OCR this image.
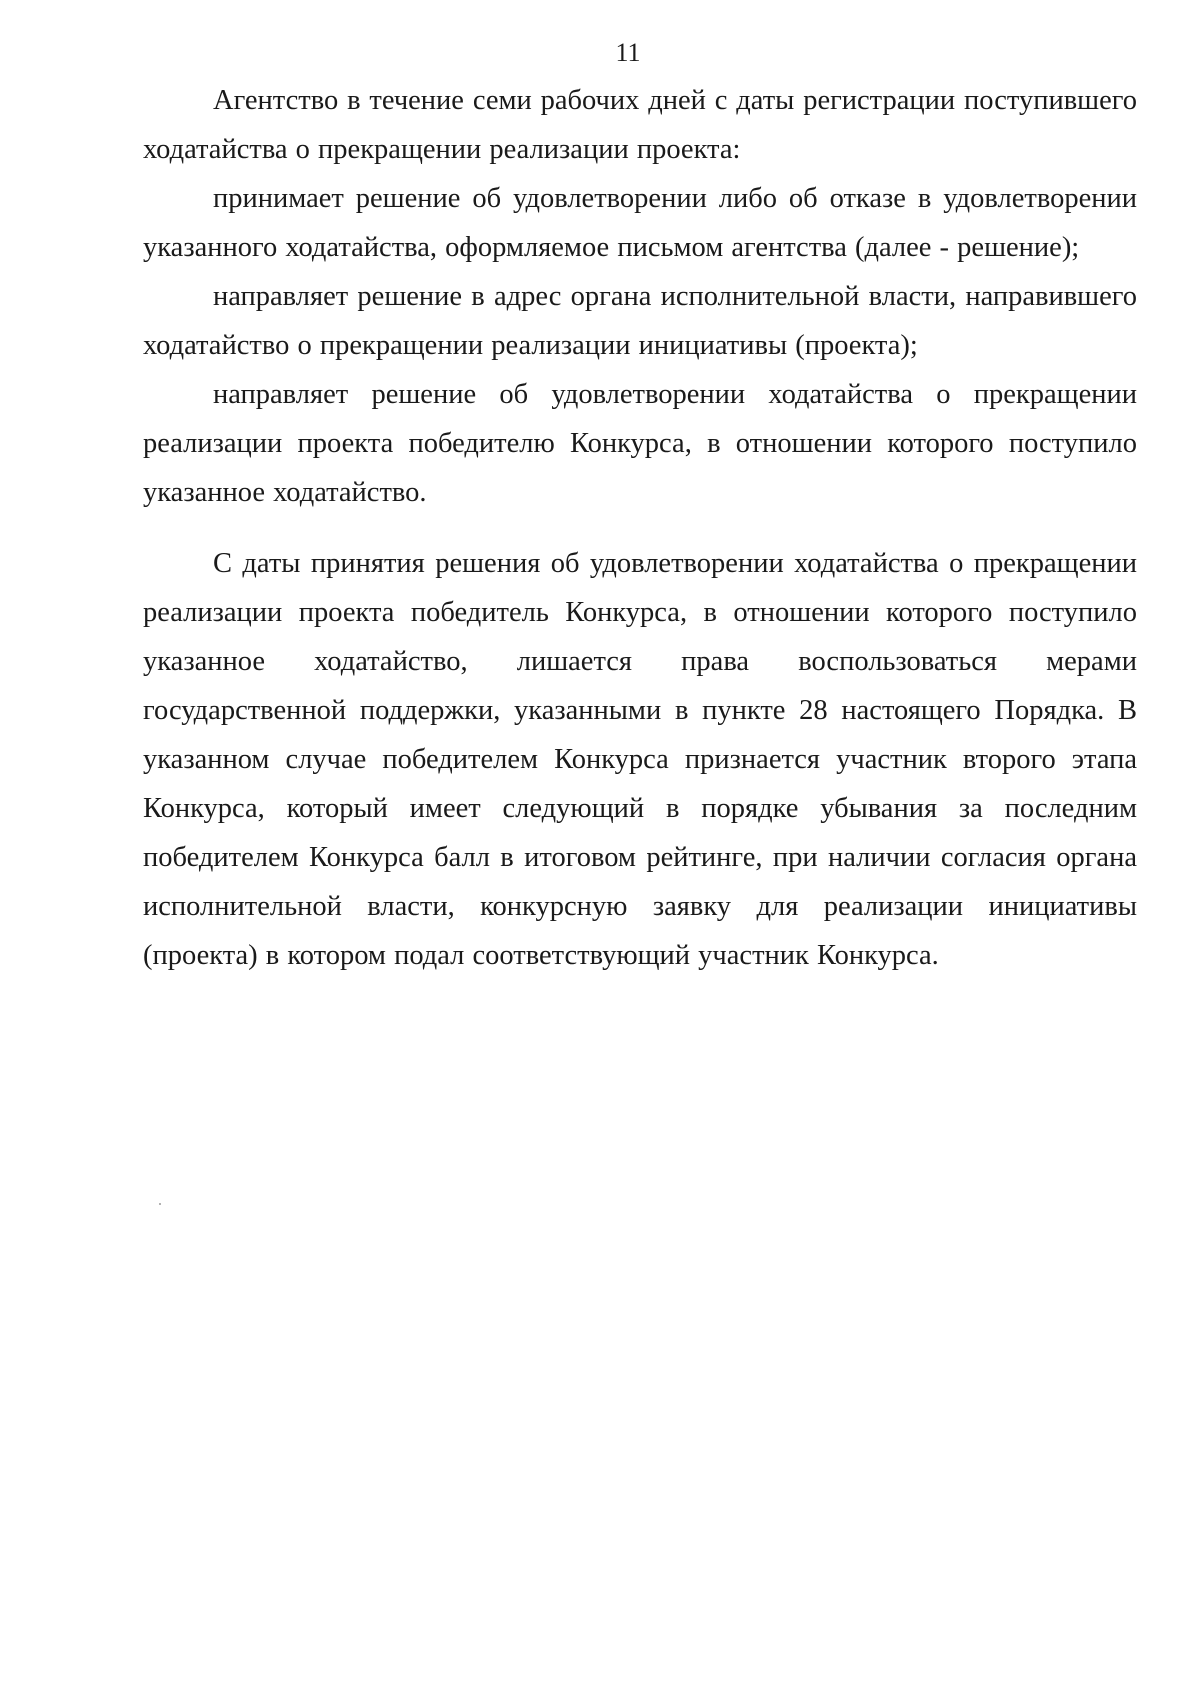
11

Агентство в течение семи рабочих дней с даты регистрации поступившего ходатайства о прекращении реализации проекта:

принимает решение об удовлетворении либо об отказе в удовлетворении указанного ходатайства, оформляемое письмом агентства (далее - решение);

направляет решение в адрес органа исполнительной власти, направившего ходатайство о прекращении реализации инициативы (проекта);

направляет решение об удовлетворении ходатайства о прекращении реализации проекта победителю Конкурса, в отношении которого поступило указанное ходатайство.

С даты принятия решения об удовлетворении ходатайства о прекращении реализации проекта победитель Конкурса, в отношении которого поступило указанное ходатайство, лишается права воспользоваться мерами государственной поддержки, указанными в пункте 28 настоящего Порядка. В указанном случае победителем Конкурса признается участник второго этапа Конкурса, который имеет следующий в порядке убывания за последним победителем Конкурса балл в итоговом рейтинге, при наличии согласия органа исполнительной власти, конкурсную заявку для реализации инициативы (проекта) в котором подал соответствующий участник Конкурса.
